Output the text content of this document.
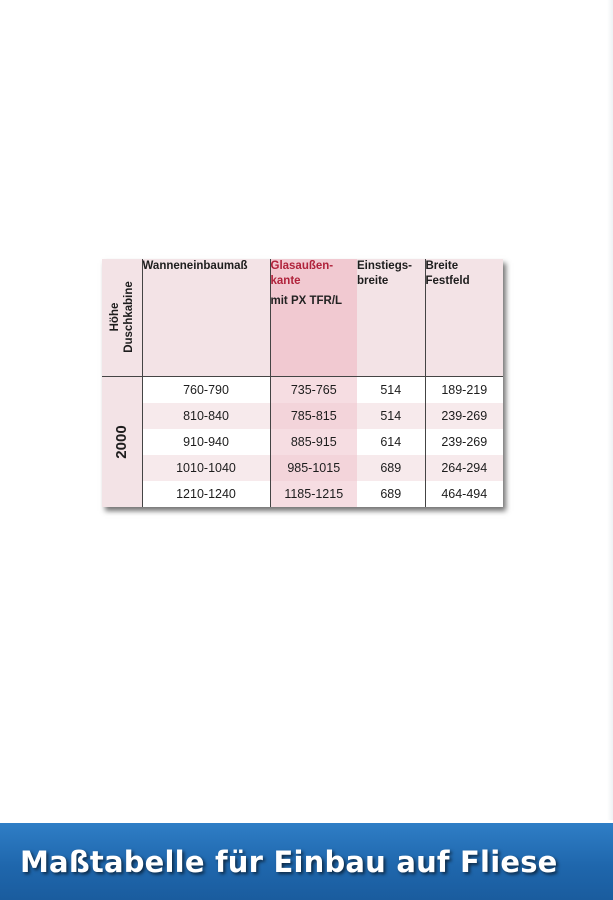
Höhe Duschkabine	Wanneneinbaumaß	Glasaußen-
kante
mit PX TFR/L	Einstiegs-
breite	Breite
Festfeld

2000	760-790	735-765	514	189-219
	810-840	785-815	514	239-269
	910-940	885-915	614	239-269
	1010-1040	985-1015	689	264-294
	1210-1240	1185-1215	689	464-494
Maßtabelle für Einbau auf Fliese
